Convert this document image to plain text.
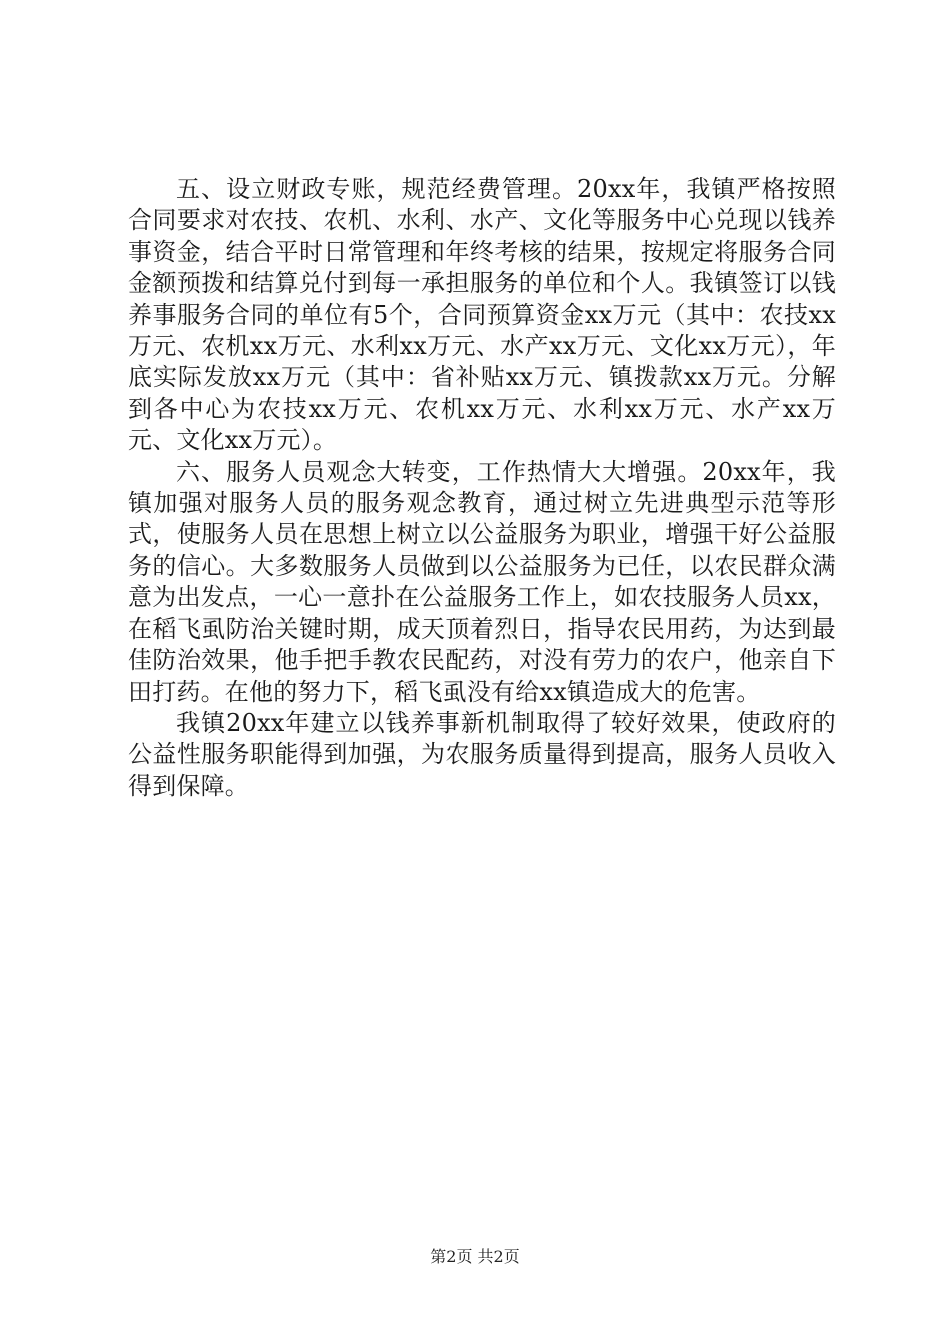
五、设立财政专账，规范经费管理。20xx年，我镇严格按照合同要求对农技、农机、水利、水产、文化等服务中心兑现以钱养事资金，结合平时日常管理和年终考核的结果，按规定将服务合同金额预拨和结算兑付到每一承担服务的单位和个人。我镇签订以钱养事服务合同的单位有5个，合同预算资金xx万元（其中：农技xx万元、农机xx万元、水利xx万元、水产xx万元、文化xx万元），年底实际发放xx万元（其中：省补贴xx万元、镇拨款xx万元。分解到各中心为农技xx万元、农机xx万元、水利xx万元、水产xx万元、文化xx万元）。

六、服务人员观念大转变，工作热情大大增强。20xx年，我镇加强对服务人员的服务观念教育，通过树立先进典型示范等形式，使服务人员在思想上树立以公益服务为职业，增强干好公益服务的信心。大多数服务人员做到以公益服务为已任，以农民群众满意为出发点，一心一意扑在公益服务工作上，如农技服务人员xx，在稻飞虱防治关键时期，成天顶着烈日，指导农民用药，为达到最佳防治效果，他手把手教农民配药，对没有劳力的农户，他亲自下田打药。在他的努力下，稻飞虱没有给xx镇造成大的危害。

我镇20xx年建立以钱养事新机制取得了较好效果，使政府的公益性服务职能得到加强，为农服务质量得到提高，服务人员收入得到保障。

第2页 共2页
